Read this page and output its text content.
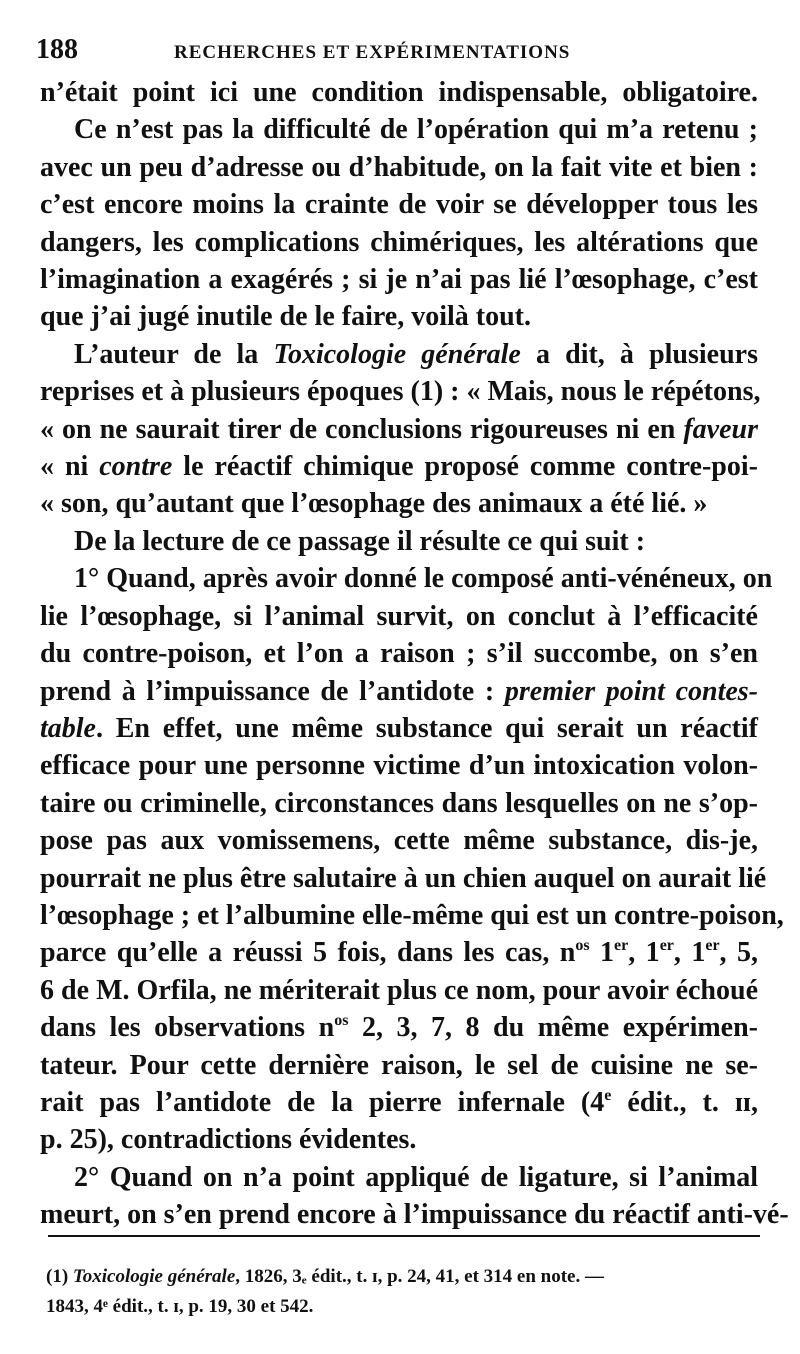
188	RECHERCHES ET EXPÉRIMENTATIONS
n’était point ici une condition indispensable, obligatoire.
Ce n’est pas la difficulté de l’opération qui m’a retenu ;
avec un peu d’adresse ou d’habitude, on la fait vite et bien :
c’est encore moins la crainte de voir se développer tous les
dangers, les complications chimériques, les altérations que
l’imagination a exagérés ; si je n’ai pas lié l’œsophage, c’est
que j’ai jugé inutile de le faire, voilà tout.
L’auteur de la Toxicologie générale a dit, à plusieurs
reprises et à plusieurs époques (1) : « Mais, nous le répétons,
« on ne saurait tirer de conclusions rigoureuses ni en faveur
« ni contre le réactif chimique proposé comme contre-poi-
« son, qu’autant que l’œsophage des animaux a été lié. »
De la lecture de ce passage il résulte ce qui suit :
1° Quand, après avoir donné le composé anti-vénéneux, on
lie l’œsophage, si l’animal survit, on conclut à l’efficacité
du contre-poison, et l’on a raison ; s’il succombe, on s’en
prend à l’impuissance de l’antidote : premier point contes-
table. En effet, une même substance qui serait un réactif
efficace pour une personne victime d’un intoxication volon-
taire ou criminelle, circonstances dans lesquelles on ne s’op-
pose pas aux vomissemens, cette même substance, dis-je,
pourrait ne plus être salutaire à un chien auquel on aurait lié
l’œsophage ; et l’albumine elle-même qui est un contre-poison,
parce qu’elle a réussi 5 fois, dans les cas, $n^{os}$ 1er, 1er, 1er, 5,
6 de M. Orfila, ne mériterait plus ce nom, pour avoir échoué
dans les observations $n^{os}$ 2, 3, 7, 8 du même expérimen-
tateur. Pour cette dernière raison, le sel de cuisine ne se-
rait pas l’antidote de la pierre infernale (4e édit., t. ɪɪ,
p. 25), contradictions évidentes.
2° Quand on n’a point appliqué de ligature, si l’animal
meurt, on s’en prend encore à l’impuissance du réactif anti-vé-
(1) Toxicologie générale, 1826, 3ₑ édit., t. ɪ, p. 24, 41, et 314 en note. —
1843, 4ᵉ édit., t. ɪ, p. 19, 30 et 542.
